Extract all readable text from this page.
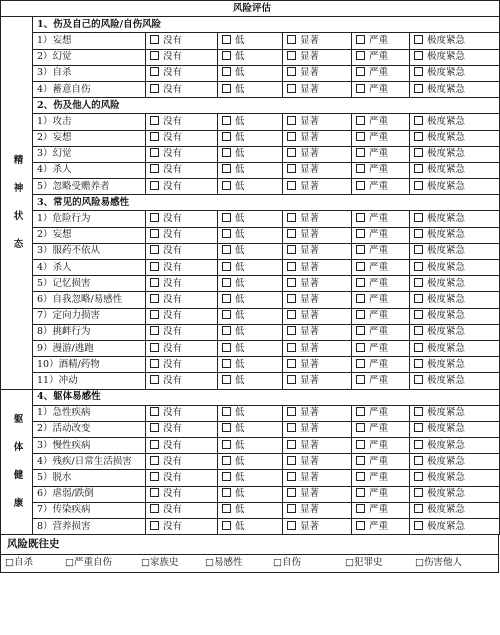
风险评估						

精
神
状
态	1、伤及自己的风险/自伤风险					
	1）妄想	没有	低	显著	严重	极度紧急
	2）幻觉	没有	低	显著	严重	极度紧急
	3）自杀	没有	低	显著	严重	极度紧急
	4）蓄意自伤	没有	低	显著	严重	极度紧急
	2、伤及他人的风险					
	1）攻击	没有	低	显著	严重	极度紧急
	2）妄想	没有	低	显著	严重	极度紧急
	3）幻觉	没有	低	显著	严重	极度紧急
	4）杀人	没有	低	显著	严重	极度紧急
	5）忽略受赡养者	没有	低	显著	严重	极度紧急
	3、常见的风险易感性					
	1）危险行为	没有	低	显著	严重	极度紧急
	2）妄想	没有	低	显著	严重	极度紧急
	3）服药不依从	没有	低	显著	严重	极度紧急
	4）杀人	没有	低	显著	严重	极度紧急
	5）记忆损害	没有	低	显著	严重	极度紧急
	6）自我忽略/易感性	没有	低	显著	严重	极度紧急
	7）定向力损害	没有	低	显著	严重	极度紧急
	8）挑衅行为	没有	低	显著	严重	极度紧急
	9）漫游/逃跑	没有	低	显著	严重	极度紧急
	10）酒精/药物	没有	低	显著	严重	极度紧急
	11）冲动	没有	低	显著	严重	极度紧急

躯
体
健
康	4、躯体易感性					
	1）急性疾病	没有	低	显著	严重	极度紧急
	2）活动改变	没有	低	显著	严重	极度紧急
	3）慢性疾病	没有	低	显著	严重	极度紧急
	4）残疾/日常生活损害	没有	低	显著	严重	极度紧急
	5）脱水	没有	低	显著	严重	极度紧急
	6）虐弱/跌倒	没有	低	显著	严重	极度紧急
	7）传染疾病	没有	低	显著	严重	极度紧急
	8）营养损害	没有	低	显著	严重	极度紧急
风险既往史
□自杀	□严重自伤	□家族史	□易感性	□自伤	□犯罪史	□伤害他人
